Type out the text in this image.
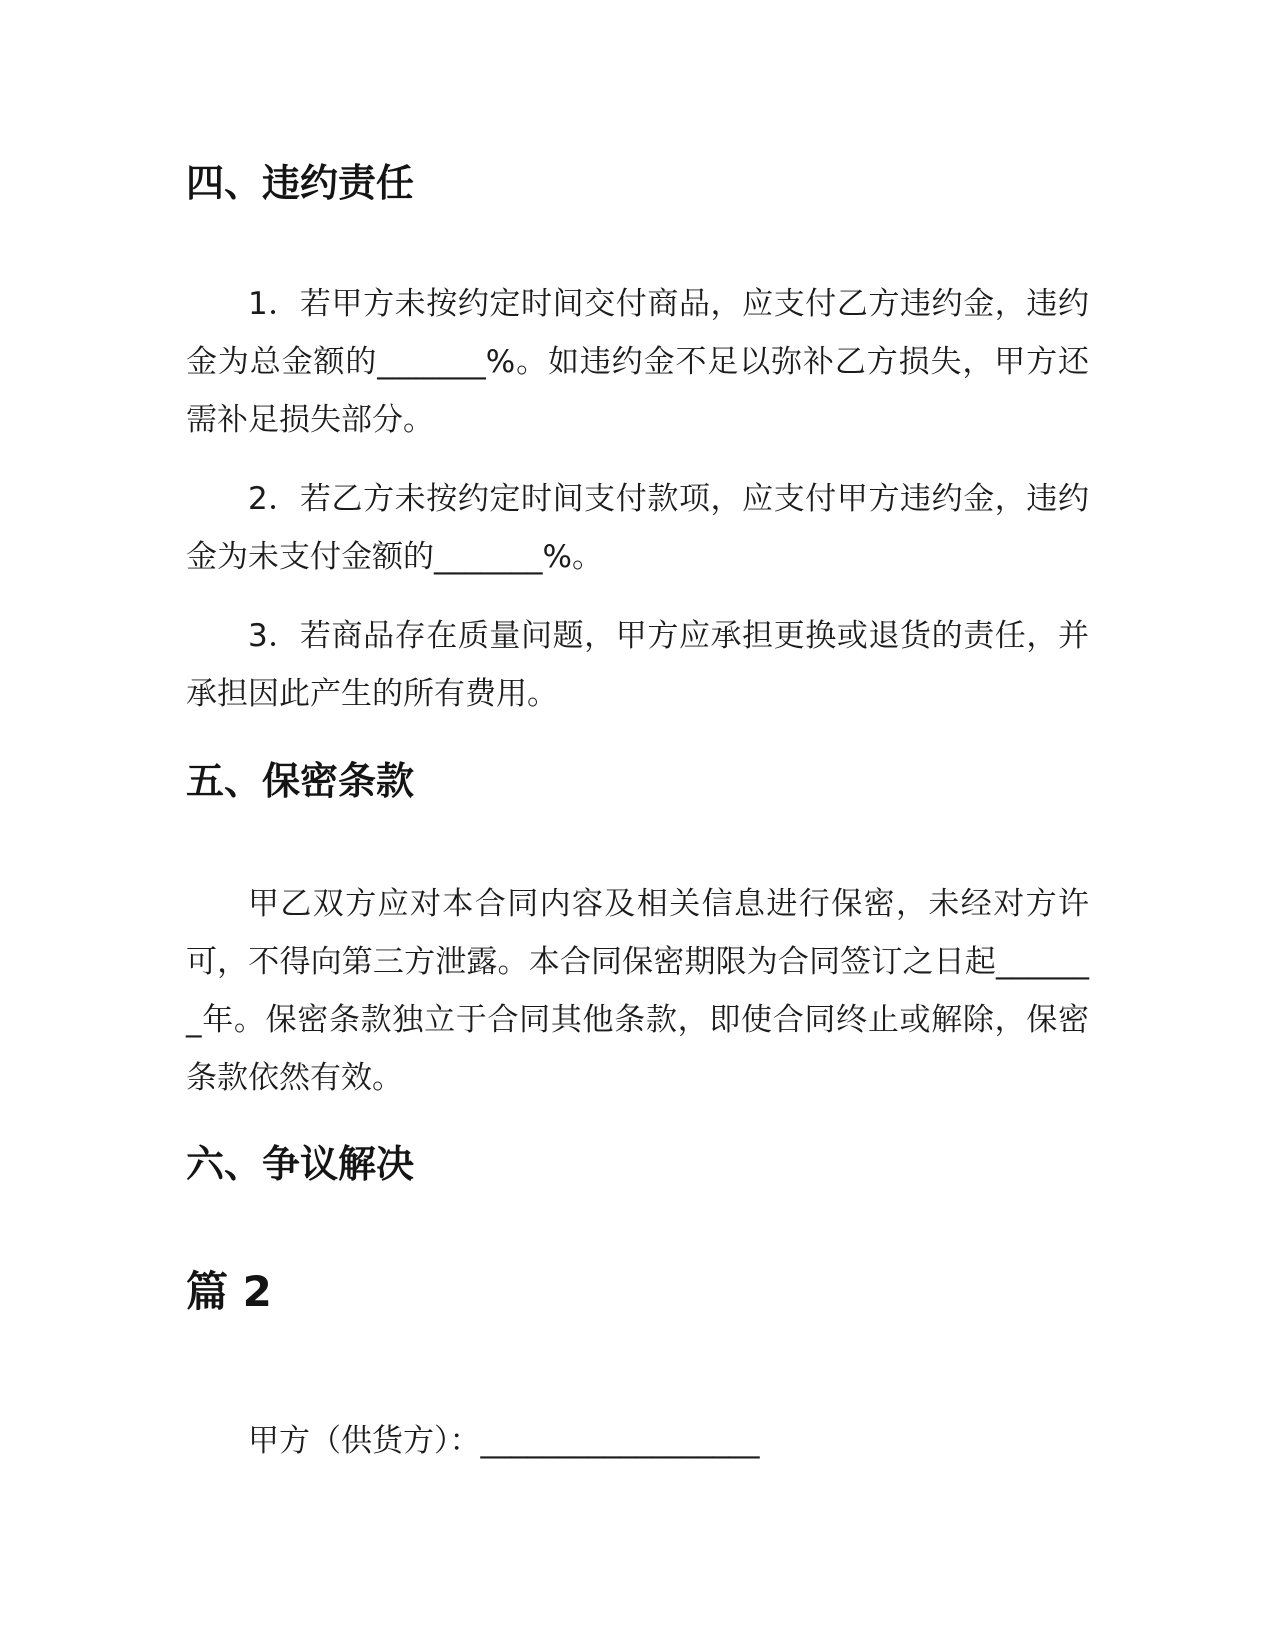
四、违约责任

1．若甲方未按约定时间交付商品，应支付乙方违约金，违约金为总金额的_______%。如违约金不足以弥补乙方损失，甲方还需补足损失部分。

2．若乙方未按约定时间支付款项，应支付甲方违约金，违约金为未支付金额的_______%。

3．若商品存在质量问题，甲方应承担更换或退货的责任，并承担因此产生的所有费用。

五、保密条款

甲乙双方应对本合同内容及相关信息进行保密，未经对方许可，不得向第三方泄露。本合同保密期限为合同签订之日起_______年。保密条款独立于合同其他条款，即使合同终止或解除，保密条款依然有效。

六、争议解决
篇 2

甲方（供货方）：__________________
